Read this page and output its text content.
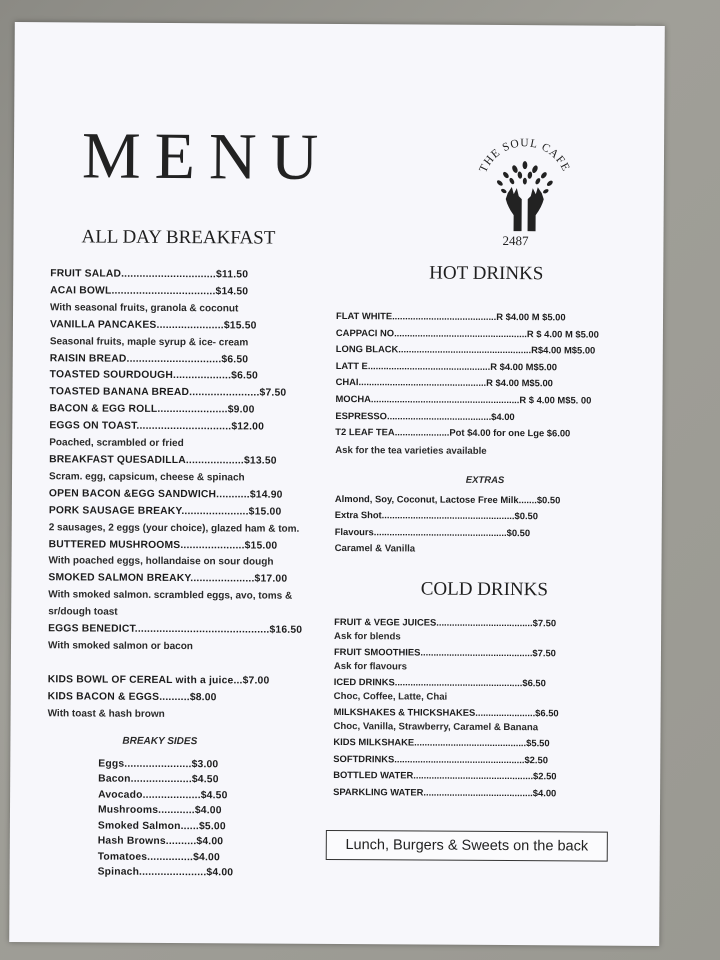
MENU	THE SOUL CAFE
2487
ALL DAY BREAKFAST
FRUIT SALAD...............................$11.50
ACAI BOWL..................................$14.50
With seasonal fruits, granola & coconut
VANILLA PANCAKES......................$15.50
Seasonal fruits, maple syrup & ice- cream
RAISIN BREAD...............................$6.50
TOASTED SOURDOUGH...................$6.50
TOASTED BANANA BREAD.......................$7.50
BACON & EGG ROLL.......................$9.00
EGGS ON TOAST...............................$12.00
Poached, scrambled or fried
BREAKFAST QUESADILLA...................$13.50
Scram. egg, capsicum, cheese & spinach
OPEN BACON &EGG SANDWICH...........$14.90
PORK SAUSAGE BREAKY......................$15.00
2 sausages, 2 eggs (your choice), glazed ham & tom.
BUTTERED MUSHROOMS.....................$15.00
With poached eggs, hollandaise on sour dough
SMOKED SALMON BREAKY.....................$17.00
With smoked salmon. scrambled eggs, avo, toms &
sr/dough toast
EGGS BENEDICT............................................$16.50
With smoked salmon or bacon
KIDS BOWL OF CEREAL with a juice...$7.00
KIDS BACON & EGGS..........$8.00
With toast & hash brown
BREAKY SIDES
Eggs......................$3.00
Bacon....................$4.50
Avocado...................$4.50
Mushrooms............$4.00
Smoked Salmon......$5.00
Hash Browns..........$4.00
Tomatoes...............$4.00
Spinach......................$4.00
HOT DRINKS
FLAT WHITE........................................R $4.00 M $5.00
CAPPACI NO...................................................R $ 4.00 M $5.00
LONG BLACK...................................................R$4.00 M$5.00
LATT E...............................................R $4.00 M$5.00
CHAI.................................................R $4.00 M$5.00
MOCHA.........................................................R $ 4.00 M$5. 00
ESPRESSO........................................$4.00
T2 LEAF TEA.....................Pot $4.00 for one Lge $6.00
Ask for the tea varieties available
EXTRAS
Almond, Soy, Coconut, Lactose Free Milk.......$0.50
Extra Shot...................................................$0.50
Flavours...................................................$0.50
Caramel & Vanilla
COLD DRINKS
FRUIT & VEGE JUICES.....................................$7.50
Ask for blends
FRUIT SMOOTHIES...........................................$7.50
Ask for flavours
ICED DRINKS.................................................$6.50
Choc, Coffee, Latte, Chai
MILKSHAKES & THICKSHAKES.......................$6.50
Choc, Vanilla, Strawberry, Caramel & Banana
KIDS MILKSHAKE...........................................$5.50
SOFTDRINKS..................................................$2.50
BOTTLED WATER..............................................$2.50
SPARKLING WATER..........................................$4.00
Lunch, Burgers & Sweets on the back
